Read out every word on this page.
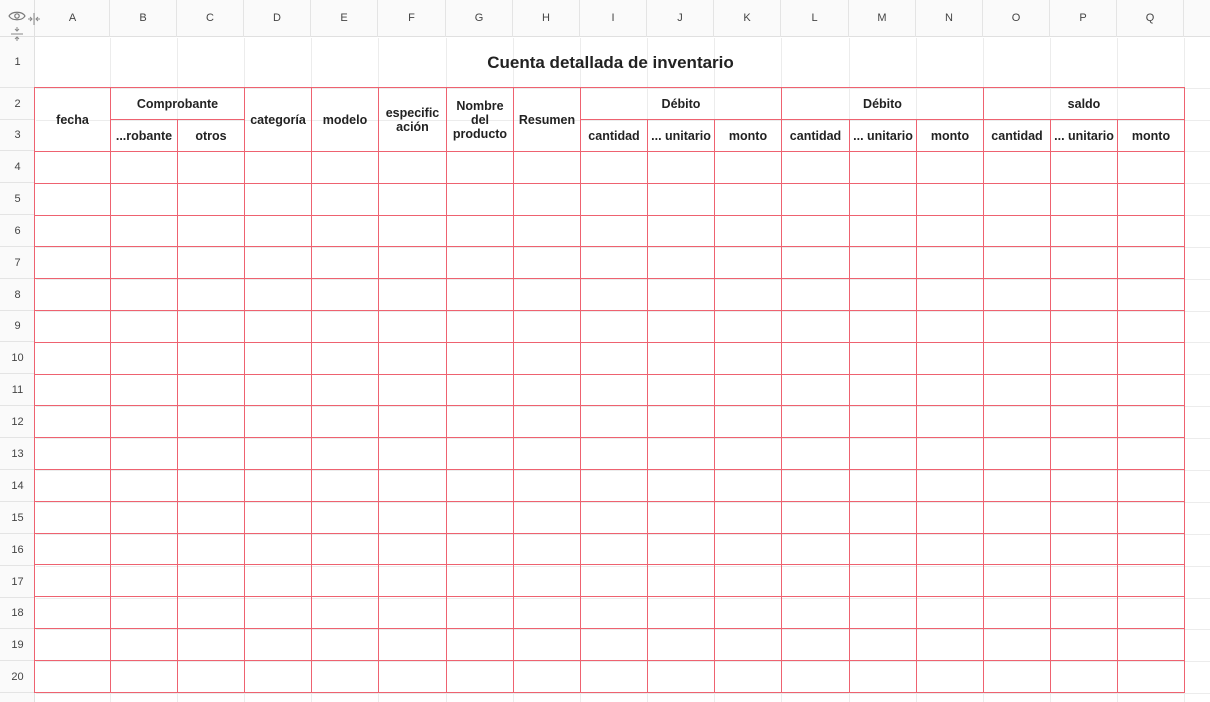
A	B	C	D	E	F	G	H	I	J	K	L	M	N	O	P	Q
1
2
3
4
5
6
7
8
9
10
11
12
13
14
15
16
17
18
19
20
Cuenta detallada de inventario
fecha	Comprobante		categoría	modelo	especific ación	Nombre del producto	Resumen	Débito			Débito			saldo		
	...robante	otros						cantidad	... unitario	monto	cantidad	... unitario	monto	cantidad	... unitario	monto
